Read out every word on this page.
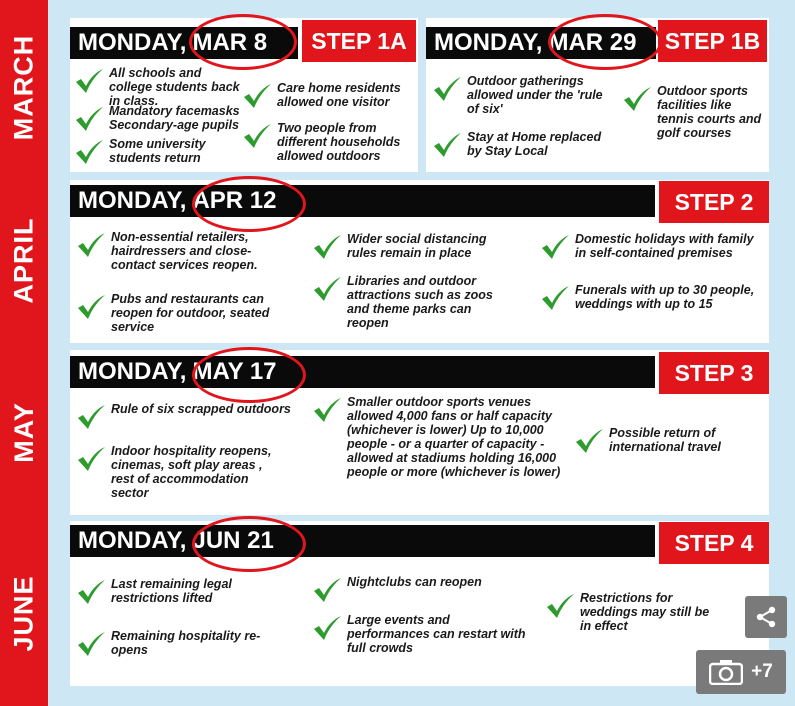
MARCH
APRIL
MAY
JUNE
MONDAY, MAR 8	STEP 1A
All schools and college students back in class.
Mandatory facemasks Secondary-age pupils
Some university students return
Care home residents allowed one visitor
Two people from different households allowed outdoors
MONDAY, MAR 29 STEP 1B
Outdoor gatherings allowed under the 'rule of six'
Stay at Home replaced by Stay Local
Outdoor sports facilities like tennis courts and golf courses
MONDAY, APR 12	STEP 2
Non-essential retailers, hairdressers and close-contact services reopen.
Pubs and restaurants can reopen for outdoor, seated service
Wider social distancing rules remain in place
Libraries and outdoor attractions such as zoos and theme parks can reopen
Domestic holidays with family in self-contained premises
Funerals with up to 30 people, weddings with up to 15
MONDAY, MAY 17	STEP 3
Rule of six scrapped outdoors
Indoor hospitality reopens, cinemas, soft play areas , rest of accommodation sector
Smaller outdoor sports venues allowed 4,000 fans or half capacity (whichever is lower) Up to 10,000 people - or a quarter of capacity - allowed at stadiums holding 16,000 people or more (whichever is lower)
Possible return of international travel
MONDAY, JUN 21	STEP 4
Last remaining legal restrictions lifted
Remaining hospitality re-opens
Nightclubs can reopen
Large events and performances can restart with full crowds
Restrictions for weddings may still be in effect
+7
